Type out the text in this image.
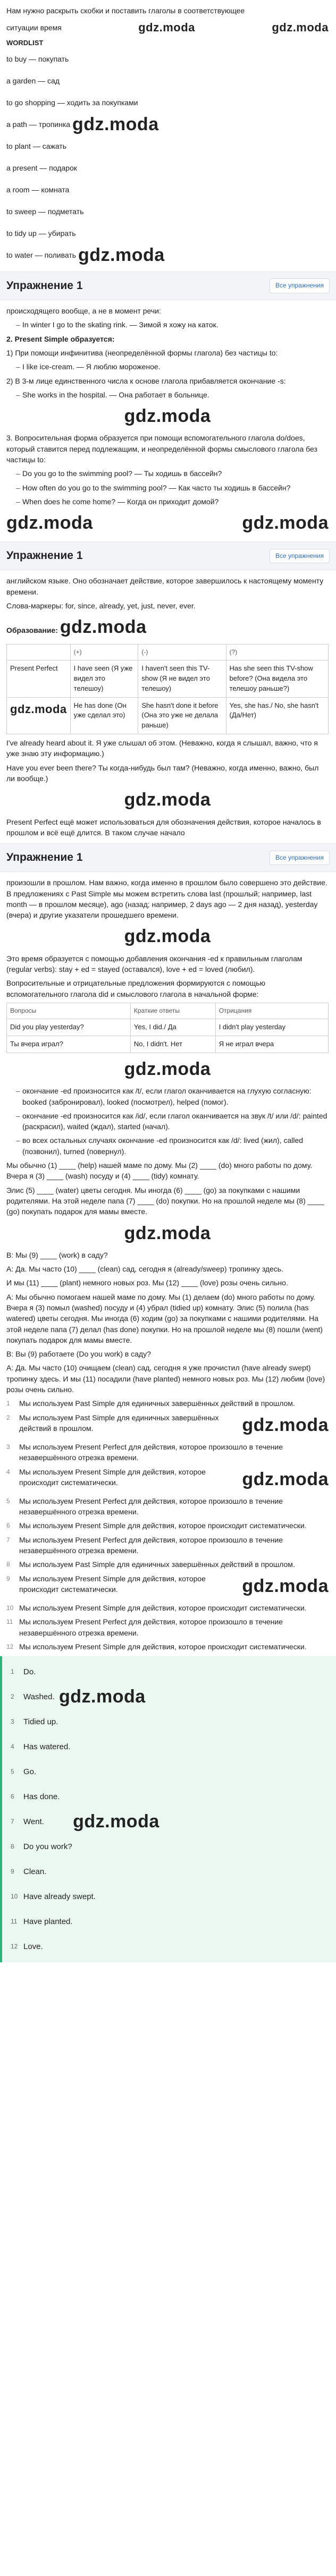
Нам нужно раскрыть скобки и поставить глаголы в соответствующее

ситуации время	gdz.moda	gdz.moda
WORDLIST
to buy — покупать
a garden — сад
to go shopping — ходить за покупками
a path — тропинка
gdz.moda
to plant — сажать
a present — подарок
a room — комната
to sweep — подметать
to tidy up — убирать
to water — поливать
gdz.moda
Упражнение 1	Все упражнения

происходящего вообще, а не в момент речи:

– In winter I go to the skating rink. — Зимой я хожу на каток.

2. Present Simple образуется:

1) При помощи инфинитива (неопределённой формы глагола) без частицы to:

– I like ice-cream. — Я люблю мороженое.

2) В 3-м лице единственного числа к основе глагола прибавляется окончание -s:

– She works in the hospital. — Она работает в больнице.
gdz.moda

3. Вопросительная форма образуется при помощи вспомогательного глагола do/does, который ставится перед подлежащим, и неопределённой формы смыслового глагола без частицы to:

– Do you go to the swimming pool? — Ты ходишь в бассейн?
– How often do you go to the swimming pool? — Как часто ты ходишь в бассейн?
– When does he come home? — Когда он приходит домой?
gdz.moda	gdz.moda
Упражнение 1	Все упражнения

английском языке. Оно обозначает действие, которое завершилось к настоящему моменту времени.

Слова-маркеры: for, since, already, yet, just, never, ever.

Образование: gdz.moda

	(+)	(-)	(?)
Present Perfect	I have seen (Я уже видел это телешоу)	I haven't seen this TV-show (Я не видел это телешоу)	Has she seen this TV-show before? (Она видела это телешоу раньше?)
gdz.moda	He has done (Он уже сделал это)	She hasn't done it before (Она это уже не делала раньше)	Yes, she has./ No, she hasn't (Да/Нет)

I've already heard about it. Я уже слышал об этом. (Неважно, когда я слышал, важно, что я уже знаю эту информацию.)

Have you ever been there? Ты когда-нибудь был там? (Неважно, когда именно, важно, был ли вообще.)

gdz.moda

Present Perfect ещё может использоваться для обозначения действия, которое началось в прошлом и всё ещё длится. В таком случае начало

Упражнение 1	Все упражнения

произошли в прошлом. Нам важно, когда именно в прошлом было совершено это действие. В предложениях с Past Simple мы можем встретить слова last (прошлый; например, last month — в прошлом месяце), ago (назад; например, 2 days ago — 2 дня назад), yesterday (вчера) и другие указатели прошедшего времени.

gdz.moda

Это время образуется с помощью добавления окончания -ed к правильным глаголам (regular verbs): stay + ed = stayed (оставался), love + ed = loved (любил).

Вопросительные и отрицательные предложения формируются с помощью вспомогательного глагола did и смыслового глагола в начальной форме:

Вопросы	Краткие ответы	Отрицания
Did you play yesterday?	Yes, I did./ Да	I didn't play yesterday
Ты вчера играл?	No, I didn't. Нет	Я не играл вчера
gdz.moda
– окончание -ed произносится как /t/, если глагол оканчивается на глухую согласную: booked (забронировал), looked (посмотрел), helped (помог).
– окончание -ed произносится как /id/, если глагол оканчивается на звук /t/ или /d/: painted (раскрасил), waited (ждал), started (начал).
– во всех остальных случаях окончание -ed произносится как /d/: lived (жил), called (позвонил), turned (повернул).

Мы обычно (1) ____ (help) нашей маме по дому. Мы (2) ____ (do) много работы по дому. Вчера я (3) ____ (wash) посуду и (4) ____ (tidy) комнату.

Элис (5) ____ (water) цветы сегодня. Мы иногда (6) ____ (go) за покупками с нашими родителями. На этой неделе папа (7) ____ (do) покупки. Но на прошлой неделе мы (8) ____ (go) покупать подарок для мамы вместе.

gdz.moda

B: Мы (9) ____ (work) в саду?

A: Да. Мы часто (10) ____ (clean) сад, сегодня я (already/sweep) тропинку здесь.

И мы (11) ____ (plant) немного новых роз. Мы (12) ____ (love) розы очень сильно.

A: Мы обычно помогаем нашей маме по дому. Мы (1) делаем (do) много работы по дому. Вчера я (3) помыл (washed) посуду и (4) убрал (tidied up) комнату. Элис (5) полила (has watered) цветы сегодня. Мы иногда (6) ходим (go) за покупками с нашими родителями. На этой неделе папа (7) делал (has done) покупки. Но на прошлой неделе мы (8) пошли (went) покупать подарок для мамы вместе.

B: Вы (9) работаете (Do you work) в саду?

A: Да. Мы часто (10) очищаем (clean) сад, сегодня я уже прочистил (have already swept) тропинку здесь. И мы (11) посадили (have planted) немного новых роз. Мы (12) любим (love) розы очень сильно.

1	Мы используем Past Simple для единичных завершённых действий в прошлом.
2	Мы используем Past Simple для единичных завершённых действий в прошлом.	gdz.moda
3	Мы используем Present Perfect для действия, которое произошло в течение незавершённого отрезка времени.
4	Мы используем Present Simple для действия, которое происходит систематически.	gdz.moda
5	Мы используем Present Perfect для действия, которое произошло в течение незавершённого отрезка времени.
6	Мы используем Present Simple для действия, которое происходит систематически.
7	Мы используем Present Perfect для действия, которое произошло в течение незавершённого отрезка времени.
8	Мы используем Past Simple для единичных завершённых действий в прошлом.
9	Мы используем Present Simple для действия, которое происходит систематически.	gdz.moda
10 Мы используем Present Simple для действия, которое происходит систематически.
11 Мы используем Present Perfect для действия, которое произошло в течение незавершённого отрезка времени.
12 Мы используем Present Simple для действия, которое происходит систематически.
1	Do.
2	Washed.
gdz.moda
3	Tidied up.
4	Has watered.
5	Go.
6	Has done.
7	Went.
gdz.moda
8	Do you work?
9	Clean.
10 Have already swept.
11 Have planted.
12 Love.
